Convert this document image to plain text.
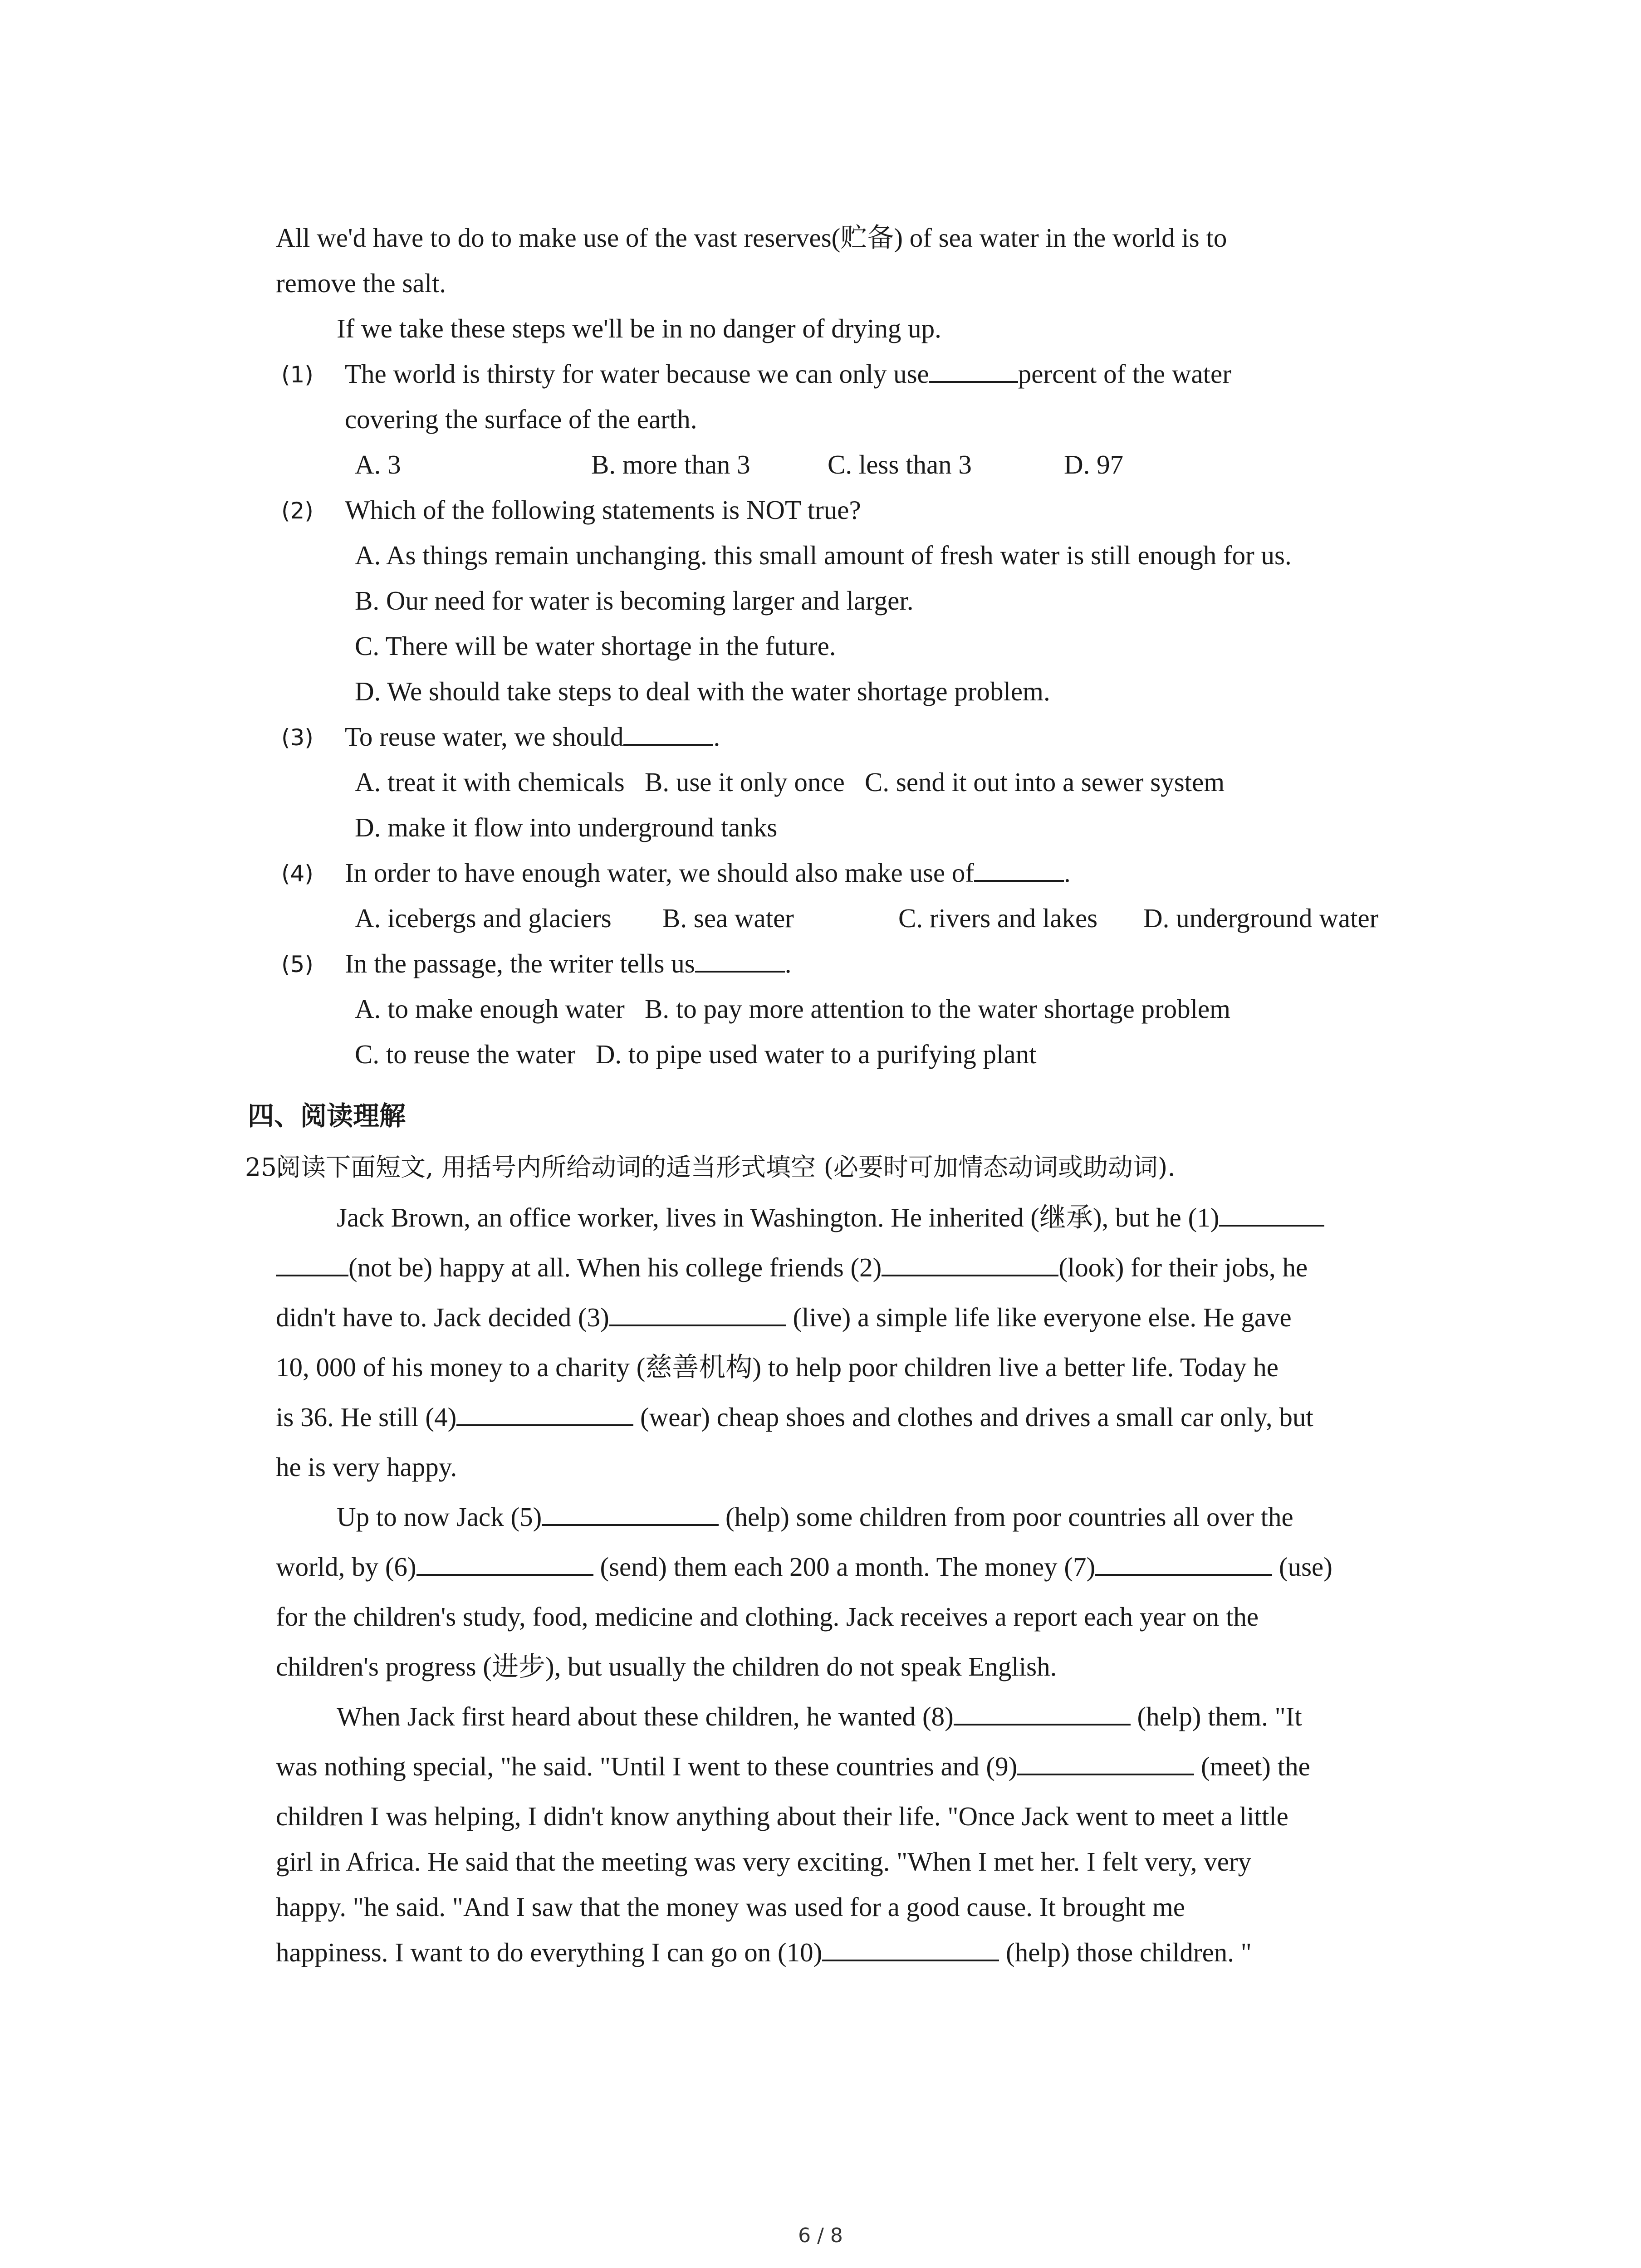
All we'd have to do to make use of the vast reserves(贮备) of sea water in the world is to
remove the salt.
If we take these steps we'll be in no danger of drying up.
(1) The world is thirsty for water because we can only use	percent of the water
covering the surface of the earth.
A. 3	B. more than 3	C. less than 3	D. 97
(2) Which of the following statements is NOT true?
A. As things remain unchanging. this small amount of fresh water is still enough for us.
B. Our need for water is becoming larger and larger.
C. There will be water shortage in the future.
D. We should take steps to deal with the water shortage problem.
(3) To reuse water, we should	.
A. treat it with chemicals   B. use it only once   C. send it out into a sewer system
D. make it flow into underground tanks
(4) In order to have enough water, we should also make use of	.
A. icebergs and glaciers B. sea water	C. rivers and lakes D. underground water
(5) In the passage, the writer tells us	.
A. to make enough water   B. to pay more attention to the water shortage problem
C. to reuse the water   D. to pipe used water to a purifying plant
四、阅读理解
25.
阅读下面短文, 用括号内所给动词的适当形式填空 (必要时可加情态动词或助动词).
Jack Brown, an office worker, lives in Washington. He inherited (继承), but he (1)
(not be) happy at all. When his college friends (2)	(look) for their jobs, he
didn't have to. Jack decided (3)	(live) a simple life like everyone else. He gave
10, 000 of his money to a charity (慈善机构) to help poor children live a better life. Today he
is 36. He still (4)	(wear) cheap shoes and clothes and drives a small car only, but
he is very happy.
Up to now Jack (5)	(help) some children from poor countries all over the
world, by (6)	(send) them each 200 a month. The money (7)	(use)
for the children's study, food, medicine and clothing. Jack receives a report each year on the
children's progress (进步), but usually the children do not speak English.
When Jack first heard about these children, he wanted (8)	(help) them. "It
was nothing special, "he said. "Until I went to these countries and (9)	(meet) the
children I was helping, I didn't know anything about their life. "Once Jack went to meet a little
girl in Africa. He said that the meeting was very exciting. "When I met her. I felt very, very
happy. "he said. "And I saw that the money was used for a good cause. It brought me
happiness. I want to do everything I can go on (10)	(help) those children. "
6 / 8
